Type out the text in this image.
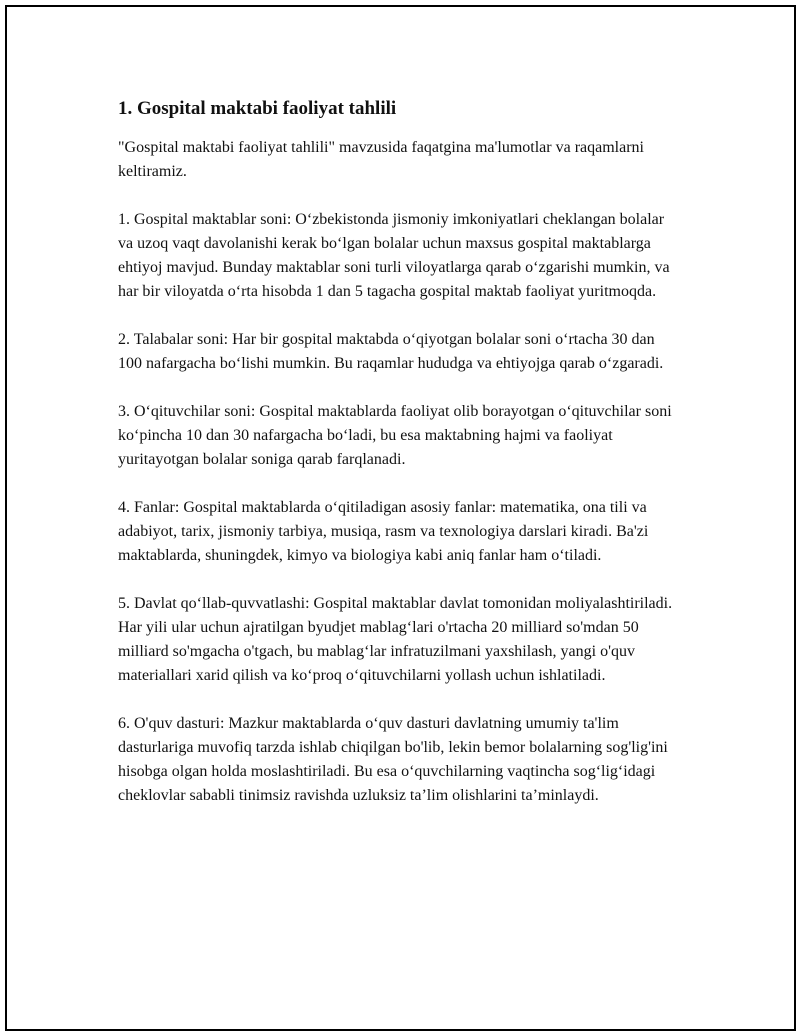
1. Gospital maktabi faoliyat tahlili

"Gospital maktabi faoliyat tahlili" mavzusida faqatgina ma'lumotlar va raqamlarni keltiramiz.

1. Gospital maktablar soni: O‘zbekistonda jismoniy imkoniyatlari cheklangan bolalar va uzoq vaqt davolanishi kerak bo‘lgan bolalar uchun maxsus gospital maktablarga ehtiyoj mavjud. Bunday maktablar soni turli viloyatlarga qarab o‘zgarishi mumkin, va har bir viloyatda o‘rta hisobda 1 dan 5 tagacha gospital maktab faoliyat yuritmoqda.

2. Talabalar soni: Har bir gospital maktabda o‘qiyotgan bolalar soni o‘rtacha 30 dan 100 nafargacha bo‘lishi mumkin. Bu raqamlar hududga va ehtiyojga qarab o‘zgaradi.

3. O‘qituvchilar soni: Gospital maktablarda faoliyat olib borayotgan o‘qituvchilar soni ko‘pincha 10 dan 30 nafargacha bo‘ladi, bu esa maktabning hajmi va faoliyat yuritayotgan bolalar soniga qarab farqlanadi.

4. Fanlar: Gospital maktablarda o‘qitiladigan asosiy fanlar: matematika, ona tili va adabiyot, tarix, jismoniy tarbiya, musiqa, rasm va texnologiya darslari kiradi. Ba'zi maktablarda, shuningdek, kimyo va biologiya kabi aniq fanlar ham o‘tiladi.

5. Davlat qo‘llab-quvvatlashi: Gospital maktablar davlat tomonidan moliyalashtiriladi. Har yili ular uchun ajratilgan byudjet mablag‘lari o'rtacha 20 milliard so'mdan 50 milliard so'mgacha o'tgach, bu mablag‘lar infratuzilmani yaxshilash, yangi o'quv materiallari xarid qilish va ko‘proq o‘qituvchilarni yollash uchun ishlatiladi.

6. O'quv dasturi: Mazkur maktablarda o‘quv dasturi davlatning umumiy ta'lim dasturlariga muvofiq tarzda ishlab chiqilgan bo'lib, lekin bemor bolalarning sog'lig'ini hisobga olgan holda moslashtiriladi. Bu esa o‘quvchilarning vaqtincha sog‘lig‘idagi cheklovlar sababli tinimsiz ravishda uzluksiz ta’lim olishlarini ta’minlaydi.
